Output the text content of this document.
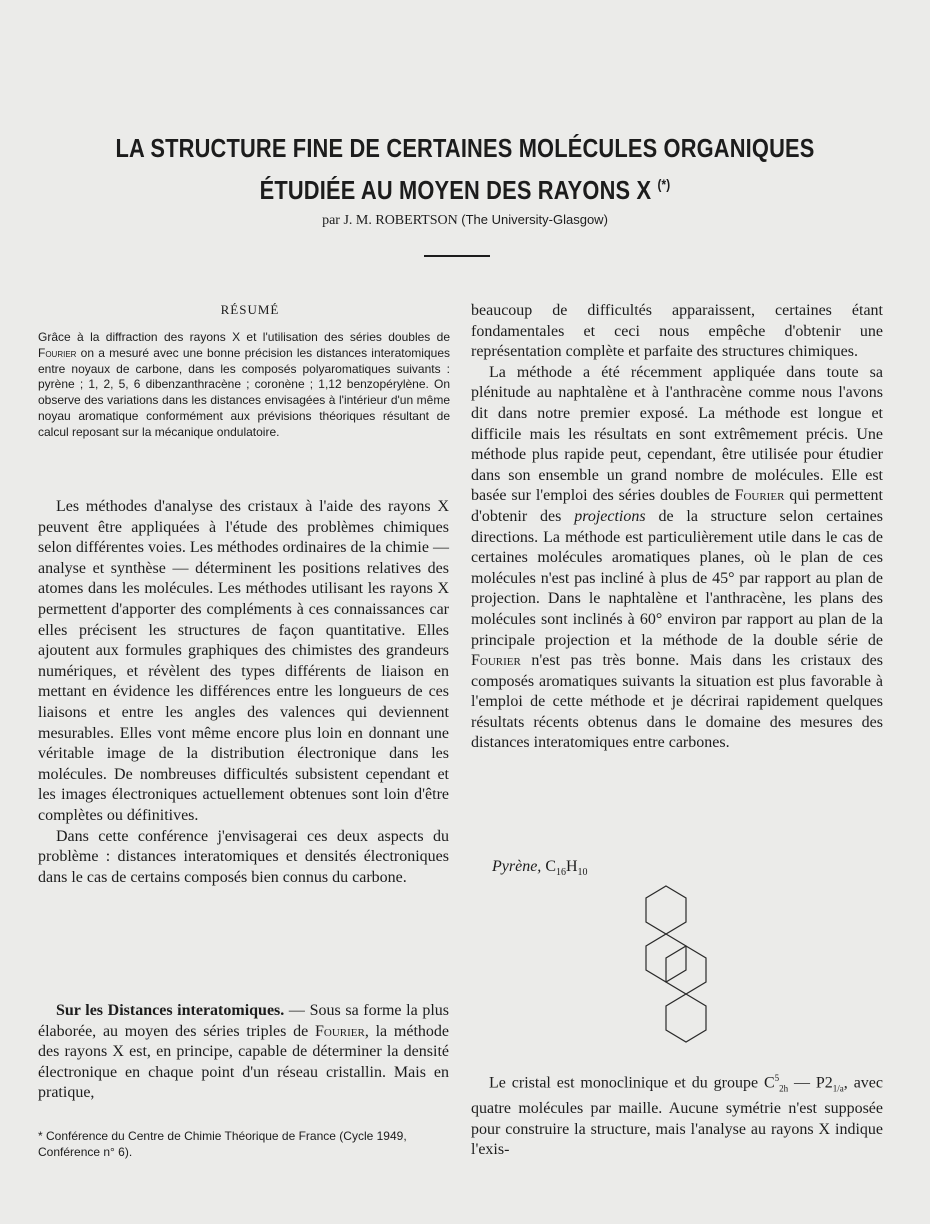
LA STRUCTURE FINE DE CERTAINES MOLÉCULES ORGANIQUES
ÉTUDIÉE AU MOYEN DES RAYONS X (*)
par J. M. ROBERTSON (The University-Glasgow)
RÉSUMÉ
Grâce à la diffraction des rayons X et l'utilisation des séries doubles de Fourier on a mesuré avec une bonne précision les distances interatomiques entre noyaux de carbone, dans les composés polyaromatiques suivants : pyrène ; 1, 2, 5, 6 dibenzanthracène ; coronène ; 1,12 benzopérylène. On observe des variations dans les distances envisagées à l'intérieur d'un même noyau aromatique conformément aux prévisions théoriques résultant de calcul reposant sur la mécanique ondulatoire.

Les méthodes d'analyse des cristaux à l'aide des rayons X peuvent être appliquées à l'étude des problèmes chimiques selon différentes voies. Les méthodes ordinaires de la chimie — analyse et synthèse — déterminent les positions relatives des atomes dans les molécules. Les méthodes utilisant les rayons X permettent d'apporter des compléments à ces connaissances car elles précisent les structures de façon quantitative. Elles ajoutent aux formules graphiques des chimistes des grandeurs numériques, et révèlent des types différents de liaison en mettant en évidence les différences entre les longueurs de ces liaisons et entre les angles des valences qui deviennent mesurables. Elles vont même encore plus loin en donnant une véritable image de la distribution électronique dans les molécules. De nombreuses difficultés subsistent cependant et les images électroniques actuellement obtenues sont loin d'être complètes ou définitives.

Dans cette conférence j'envisagerai ces deux aspects du problème : distances interatomiques et densités électroniques dans le cas de certains composés bien connus du carbone.

Sur les Distances interatomiques. — Sous sa forme la plus élaborée, au moyen des séries triples de Fourier, la méthode des rayons X est, en principe, capable de déterminer la densité électronique en chaque point d'un réseau cristallin. Mais en pratique,

* Conférence du Centre de Chimie Théorique de France (Cycle 1949, Conférence n° 6).

beaucoup de difficultés apparaissent, certaines étant fondamentales et ceci nous empêche d'obtenir une représentation complète et parfaite des structures chimiques.

La méthode a été récemment appliquée dans toute sa plénitude au naphtalène et à l'anthracène comme nous l'avons dit dans notre premier exposé. La méthode est longue et difficile mais les résultats en sont extrêmement précis. Une méthode plus rapide peut, cependant, être utilisée pour étudier dans son ensemble un grand nombre de molécules. Elle est basée sur l'emploi des séries doubles de Fourier qui permettent d'obtenir des projections de la structure selon certaines directions. La méthode est particulièrement utile dans le cas de certaines molécules aromatiques planes, où le plan de ces molécules n'est pas incliné à plus de 45° par rapport au plan de projection. Dans le naphtalène et l'anthracène, les plans des molécules sont inclinés à 60° environ par rapport au plan de la principale projection et la méthode de la double série de Fourier n'est pas très bonne. Mais dans les cristaux des composés aromatiques suivants la situation est plus favorable à l'emploi de cette méthode et je décrirai rapidement quelques résultats récents obtenus dans le domaine des mesures des distances interatomiques entre carbones.

Pyrène, $C_{16}H_{10}$

Le cristal est monoclinique et du groupe $C^5_{2h}$ — $P2_{1/a}$, avec quatre molécules par maille. Aucune symétrie n'est supposée pour construire la structure, mais l'analyse au rayons X indique l'exis-
